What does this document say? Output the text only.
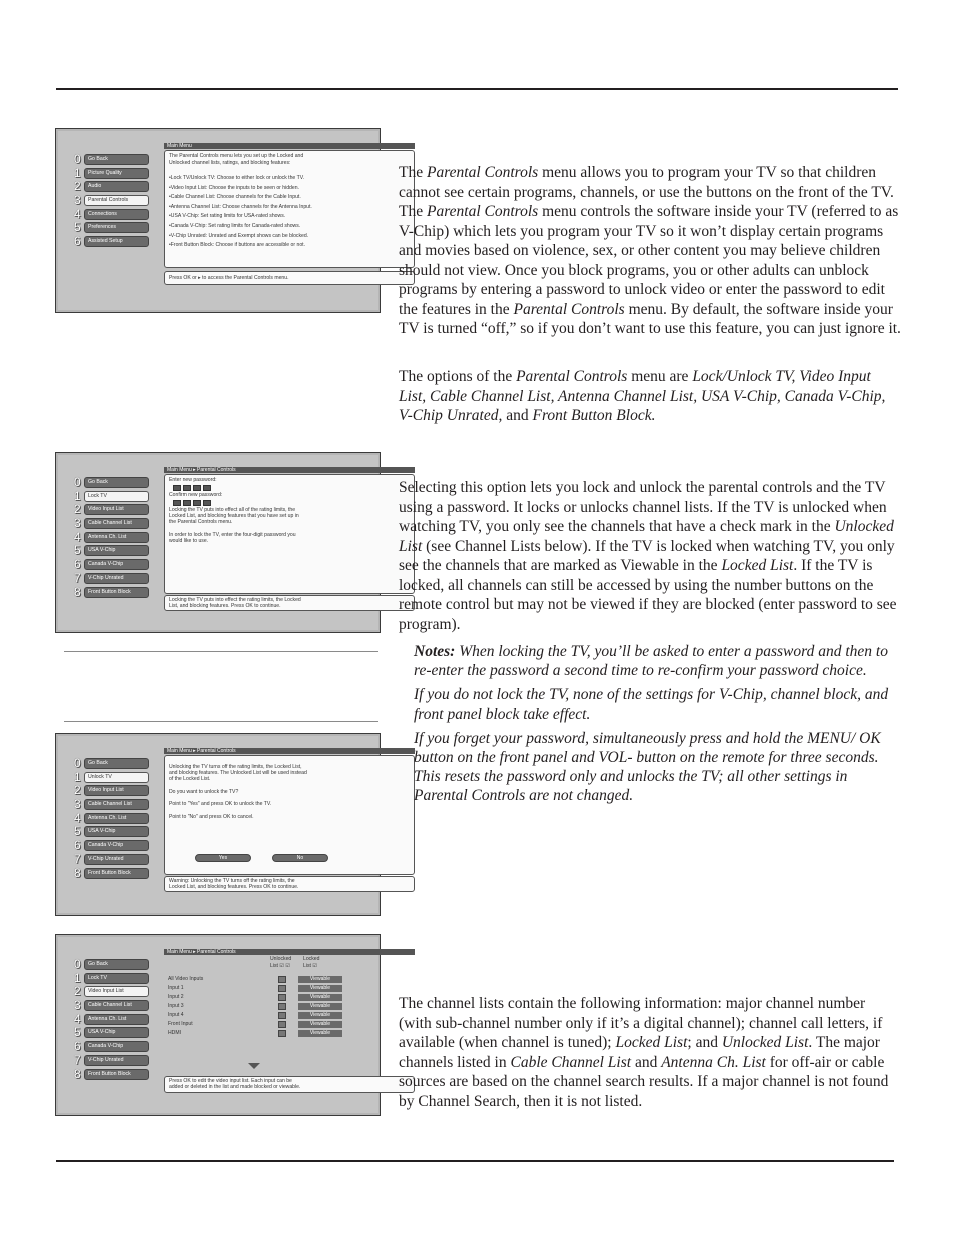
Main Menu
0	Go Back
1	Picture Quality
2	Audio
3	Parental Controls
4	Connections
5	Preferences
6	Assisted Setup

The Parental Controls menu lets you set up the Locked and

Unlocked channel lists, ratings, and blocking features:

•Lock TV/Unlock TV: Choose to either lock or unlock the TV.

•Video Input List: Choose the inputs to be seen or hidden.

•Cable Channel List: Choose channels for the Cable Input.

•Antenna Channel List: Choose channels for the Antenna Input.

•USA V-Chip: Set rating limits for USA-rated shows.

•Canada V-Chip: Set rating limits for Canada-rated shows.

•V-Chip Unrated: Unrated and Exempt shows can be blocked.

•Front Button Block: Choose if buttons are accessible or not.

Press OK or ▸ to access the Parental Controls menu.

Main Menu ▸ Parental Controls
0	Go Back
1	Lock TV
2	Video Input List
3	Cable Channel List
4	Antenna Ch. List
5	USA V-Chip
6	Canada V-Chip
7	V-Chip Unrated
8	Front Button Block

Enter new password:

Confirm new password:

Locking the TV puts into effect all of the rating limits, the

Locked List, and blocking features that you have set up in

the Parental Controls menu.

In order to lock the TV, enter the four-digit password you

would like to use.

Locking the TV puts into effect the rating limits, the Locked

List, and blocking features. Press OK to continue.

Main Menu ▸ Parental Controls
0	Go Back
1	Unlock TV
2	Video Input List
3	Cable Channel List
4	Antenna Ch. List
5	USA V-Chip
6	Canada V-Chip
7	V-Chip Unrated
8	Front Button Block

Unlocking the TV turns off the rating limits, the Locked List,

and blocking features. The Unlocked List will be used instead

of the Locked List.

Do you want to unlock the TV?

Point to "Yes" and press OK to unlock the TV.

Point to "No" and press OK to cancel.

Yes	No

Warning: Unlocking the TV turns off the rating limits, the

Locked List, and blocking features. Press OK to continue.

Main Menu ▸ Parental Controls
0	Go Back
1	Lock TV
2	Video Input List
3	Cable Channel List
4	Antenna Ch. List
5	USA V-Chip
6	Canada V-Chip
7	V-Chip Unrated
8	Front Button Block

Unlocked

List ☑ ☑

Locked

List ☑

All Video Inputs	Viewable
Input 1	Viewable
Input 2	Viewable
Input 3	Viewable
Input 4	Viewable
Front Input	Viewable
HDMI	Viewable

Press OK to edit the video input list. Each input can be

added or deleted in the list and made blocked or viewable.

The Parental Controls menu allows you to program your TV so that children cannot see certain programs, channels, or use the buttons on the front of the TV. The Parental Controls menu controls the software inside your TV (referred to as V-Chip) which lets you program your TV so it won’t display certain programs and movies based on violence, sex, or other content you may believe children should not view. Once you block programs, you or other adults can unblock programs by entering a password to unlock video or enter the password to edit the features in the Parental Controls menu. By default, the software inside your TV is turned “off,” so if you don’t want to use this feature, you can just ignore it.
The options of the Parental Controls menu are Lock/Unlock TV, Video Input List, Cable Channel List, Antenna Channel List, USA V-Chip, Canada V-Chip, V-Chip Unrated, and Front Button Block.
Selecting this option lets you lock and unlock the parental controls and the TV using a password. It locks or unlocks channel lists. If the TV is unlocked when watching TV, you only see the channels that have a check mark in the Unlocked List (see Channel Lists below). If the TV is locked when watching TV, you only see the channels that are marked as Viewable in the Locked List. If the TV is locked, all channels can still be accessed by using the number buttons on the remote control but may not be viewed if they are blocked (enter password to see program).

Notes: When locking the TV, you’ll be asked to enter a password and then to re-enter the password a second time to re-confirm your password choice.

If you do not lock the TV, none of the settings for V-Chip, channel block, and front panel block take effect.

If you forget your password, simultaneously press and hold the MENU/ OK button on the front panel and VOL- button on the remote for three seconds. This resets the password only and unlocks the TV; all other settings in Parental Controls are not changed.

The channel lists contain the following information: major channel number (with sub-channel number only if it’s a digital channel); channel call letters, if available (when channel is tuned); Locked List; and Unlocked List. The major channels listed in Cable Channel List and Antenna Ch. List for off-air or cable sources are based on the channel search results. If a major channel is not found by Channel Search, then it is not listed.
